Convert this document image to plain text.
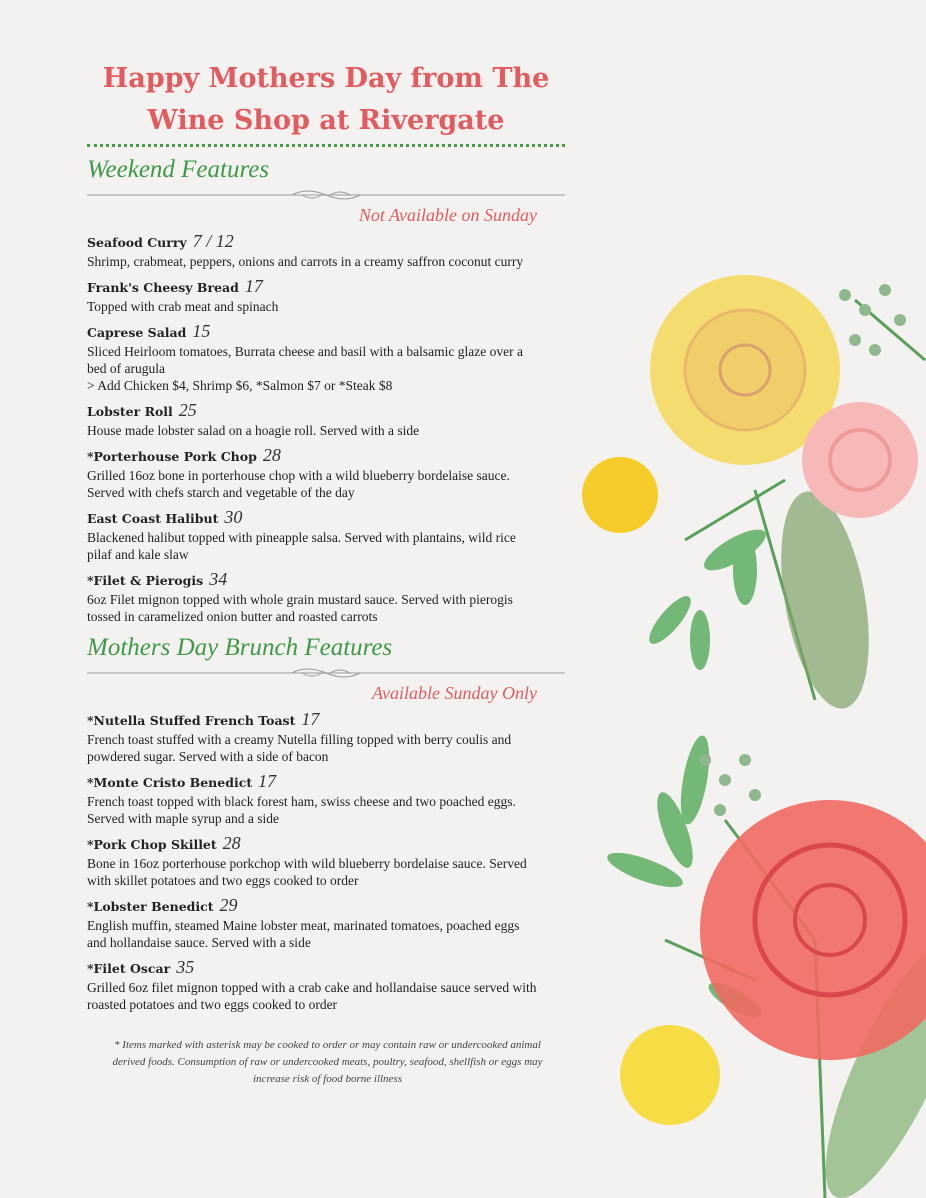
Happy Mothers Day from The Wine Shop at Rivergate
Weekend Features
Not Available on Sunday
Seafood Curry 7 / 12
Shrimp, crabmeat, peppers, onions and carrots in a creamy saffron coconut curry
Frank's Cheesy Bread 17
Topped with crab meat and spinach
Caprese Salad 15
Sliced Heirloom tomatoes, Burrata cheese and basil with a balsamic glaze over a bed of arugula
> Add Chicken $4, Shrimp $6, *Salmon $7 or *Steak $8
Lobster Roll 25
House made lobster salad on a hoagie roll. Served with a side
*Porterhouse Pork Chop 28
Grilled 16oz bone in porterhouse chop with a wild blueberry bordelaise sauce. Served with chefs starch and vegetable of the day
East Coast Halibut 30
Blackened halibut topped with pineapple salsa. Served with plantains, wild rice pilaf and kale slaw
*Filet & Pierogis 34
6oz Filet mignon topped with whole grain mustard sauce. Served with pierogis tossed in caramelized onion butter and roasted carrots
Mothers Day Brunch Features
Available Sunday Only
*Nutella Stuffed French Toast 17
French toast stuffed with a creamy Nutella filling topped with berry coulis and powdered sugar. Served with a side of bacon
*Monte Cristo Benedict 17
French toast topped with black forest ham, swiss cheese and two poached eggs. Served with maple syrup and a side
*Pork Chop Skillet 28
Bone in 16oz porterhouse porkchop with wild blueberry bordelaise sauce. Served with skillet potatoes and two eggs cooked to order
*Lobster Benedict 29
English muffin, steamed Maine lobster meat, marinated tomatoes, poached eggs and hollandaise sauce. Served with a side
*Filet Oscar 35
Grilled 6oz filet mignon topped with a crab cake and hollandaise sauce served with roasted potatoes and two eggs cooked to order
* Items marked with asterisk may be cooked to order or may contain raw or undercooked animal derived foods. Consumption of raw or undercooked meats, poultry, seafood, shellfish or eggs may increase risk of food borne illness
